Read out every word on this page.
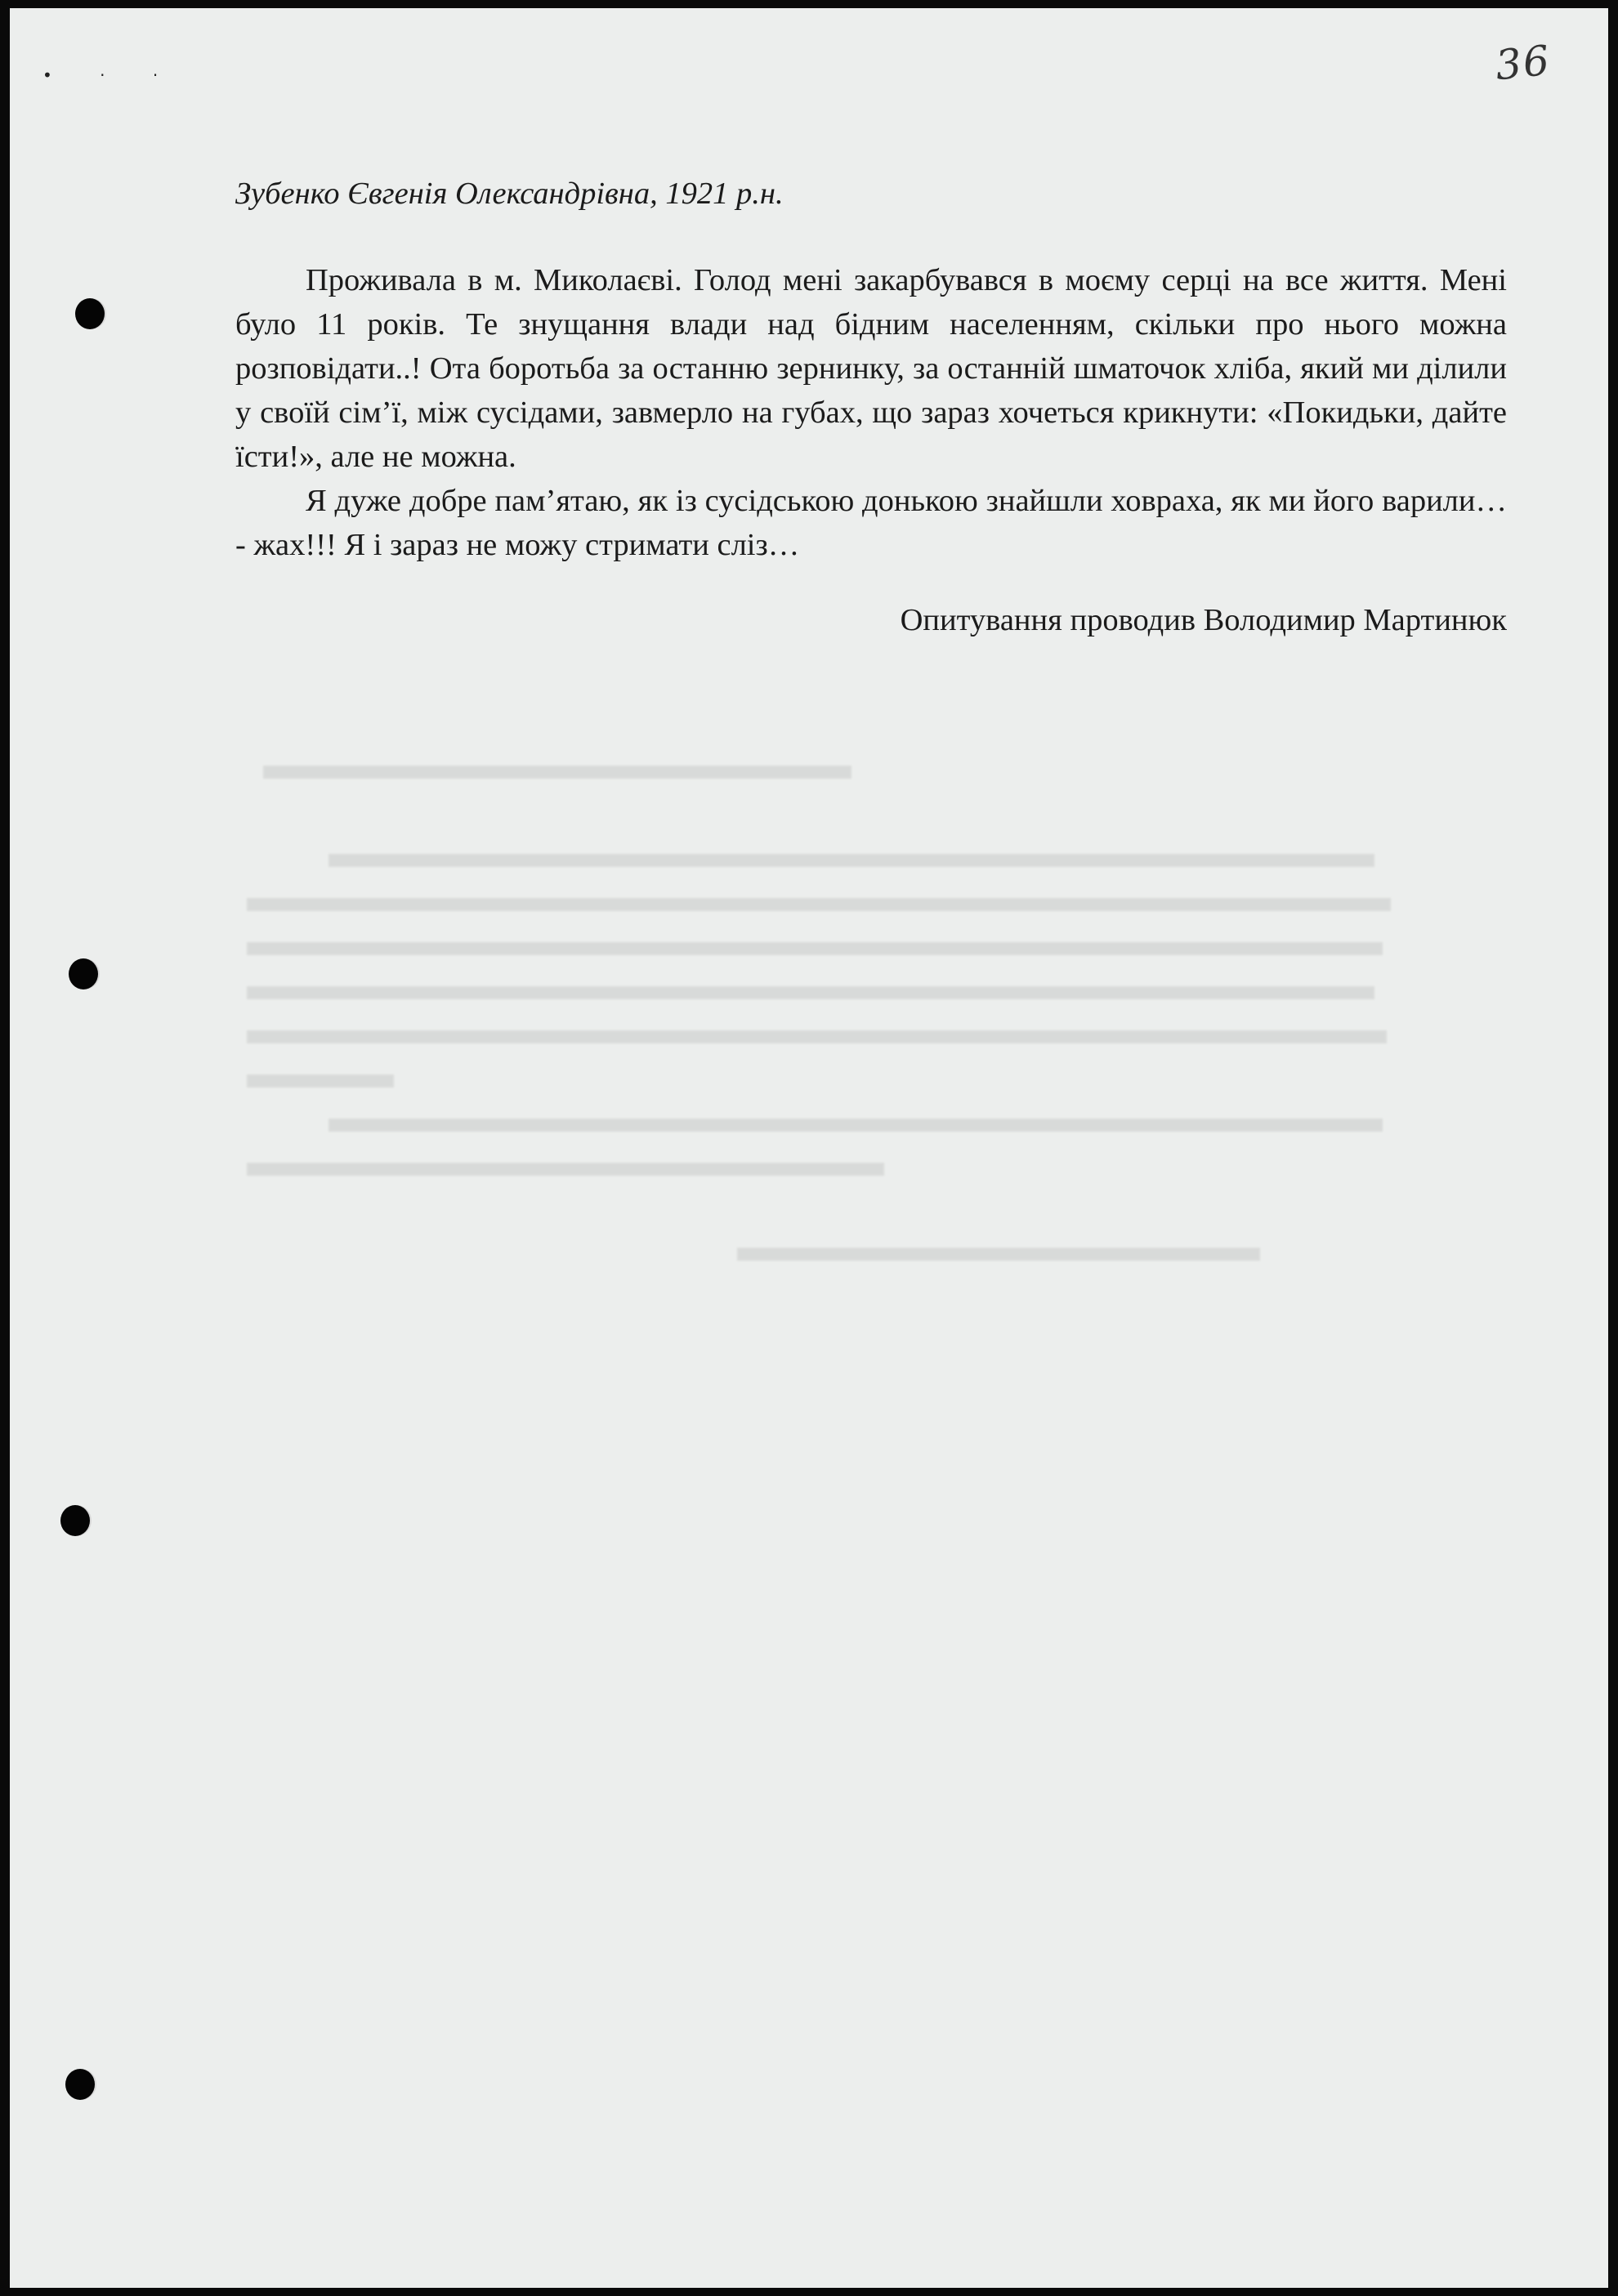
• · ·	36

Зубенко Євгенія Олександрівна, 1921 р.н.

Проживала в м. Миколаєві. Голод мені закарбувався в моєму серці на все життя. Мені було 11 років. Те знущання влади над бідним населенням, скільки про нього можна розповідати..! Ота боротьба за останню зернинку, за останній шматочок хліба, який ми ділили у своїй сім’ї, між сусідами, завмерло на губах, що зараз хочеться крикнути: «Покидьки, дайте їсти!», але не можна.

Я дуже добре пам’ятаю, як із сусідською донькою знайшли ховраха, як ми його варили… - жах!!! Я і зараз не можу стримати сліз…

Опитування проводив Володимир Мартинюк
